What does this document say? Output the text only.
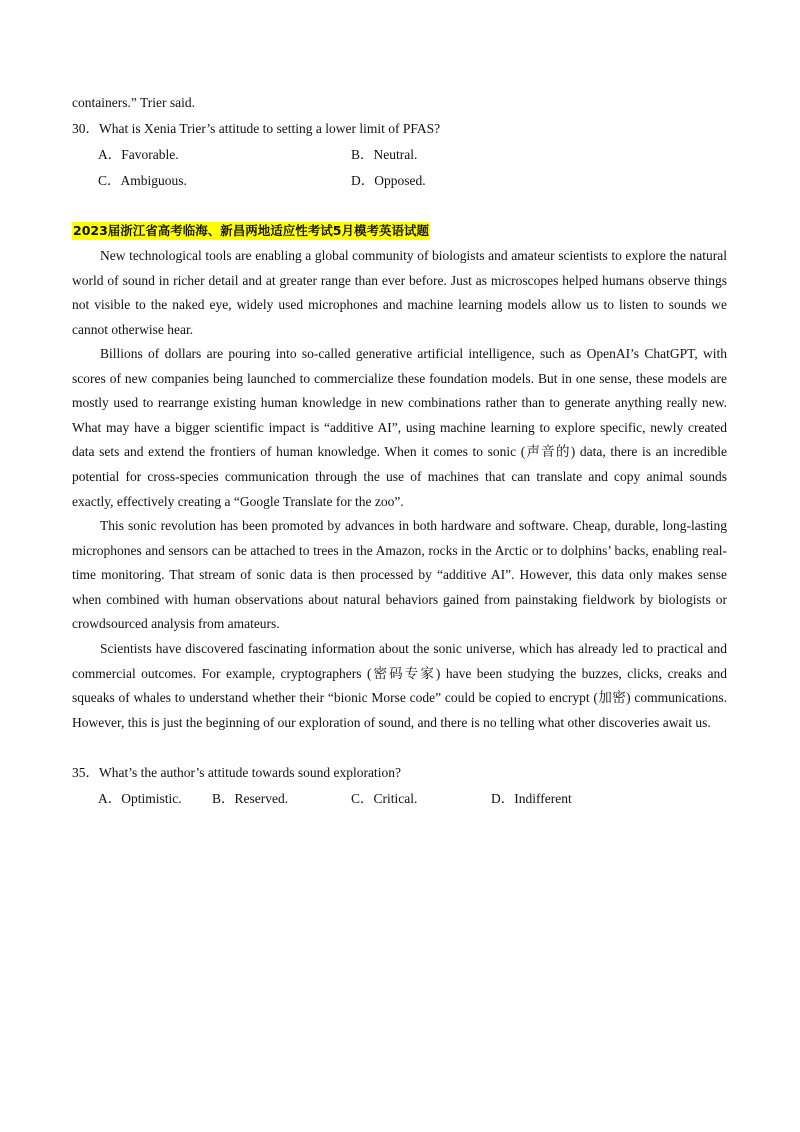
containers.” Trier said.
30．What is Xenia Trier’s attitude to setting a lower limit of PFAS?
A．Favorable.	B．Neutral.
C．Ambiguous.	D．Opposed.
2023届浙江省高考临海、新昌两地适应性考试5月模考英语试题

New technological tools are enabling a global community of biologists and amateur scientists to explore the natural world of sound in richer detail and at greater range than ever before. Just as microscopes helped humans observe things not visible to the naked eye, widely used microphones and machine learning models allow us to listen to sounds we cannot otherwise hear.

Billions of dollars are pouring into so-called generative artificial intelligence, such as OpenAI’s ChatGPT, with scores of new companies being launched to commercialize these foundation models. But in one sense, these models are mostly used to rearrange existing human knowledge in new combinations rather than to generate anything really new. What may have a bigger scientific impact is “additive AI”, using machine learning to explore specific, newly created data sets and extend the frontiers of human knowledge. When it comes to sonic (声音的) data, there is an incredible potential for cross-species communication through the use of machines that can translate and copy animal sounds exactly, effectively creating a “Google Translate for the zoo”.

This sonic revolution has been promoted by advances in both hardware and software. Cheap, durable, long-lasting microphones and sensors can be attached to trees in the Amazon, rocks in the Arctic or to dolphins’ backs, enabling real-time monitoring. That stream of sonic data is then processed by “additive AI”. However, this data only makes sense when combined with human observations about natural behaviors gained from painstaking fieldwork by biologists or crowdsourced analysis from amateurs.

Scientists have discovered fascinating information about the sonic universe, which has already led to practical and commercial outcomes. For example, cryptographers (密码专家) have been studying the buzzes, clicks, creaks and squeaks of whales to understand whether their “bionic Morse code” could be copied to encrypt (加密) communications. However, this is just the beginning of our exploration of sound, and there is no telling what other discoveries await us.

35．What’s the author’s attitude towards sound exploration?
A．Optimistic. B．Reserved.	C．Critical.	D．Indifferent
